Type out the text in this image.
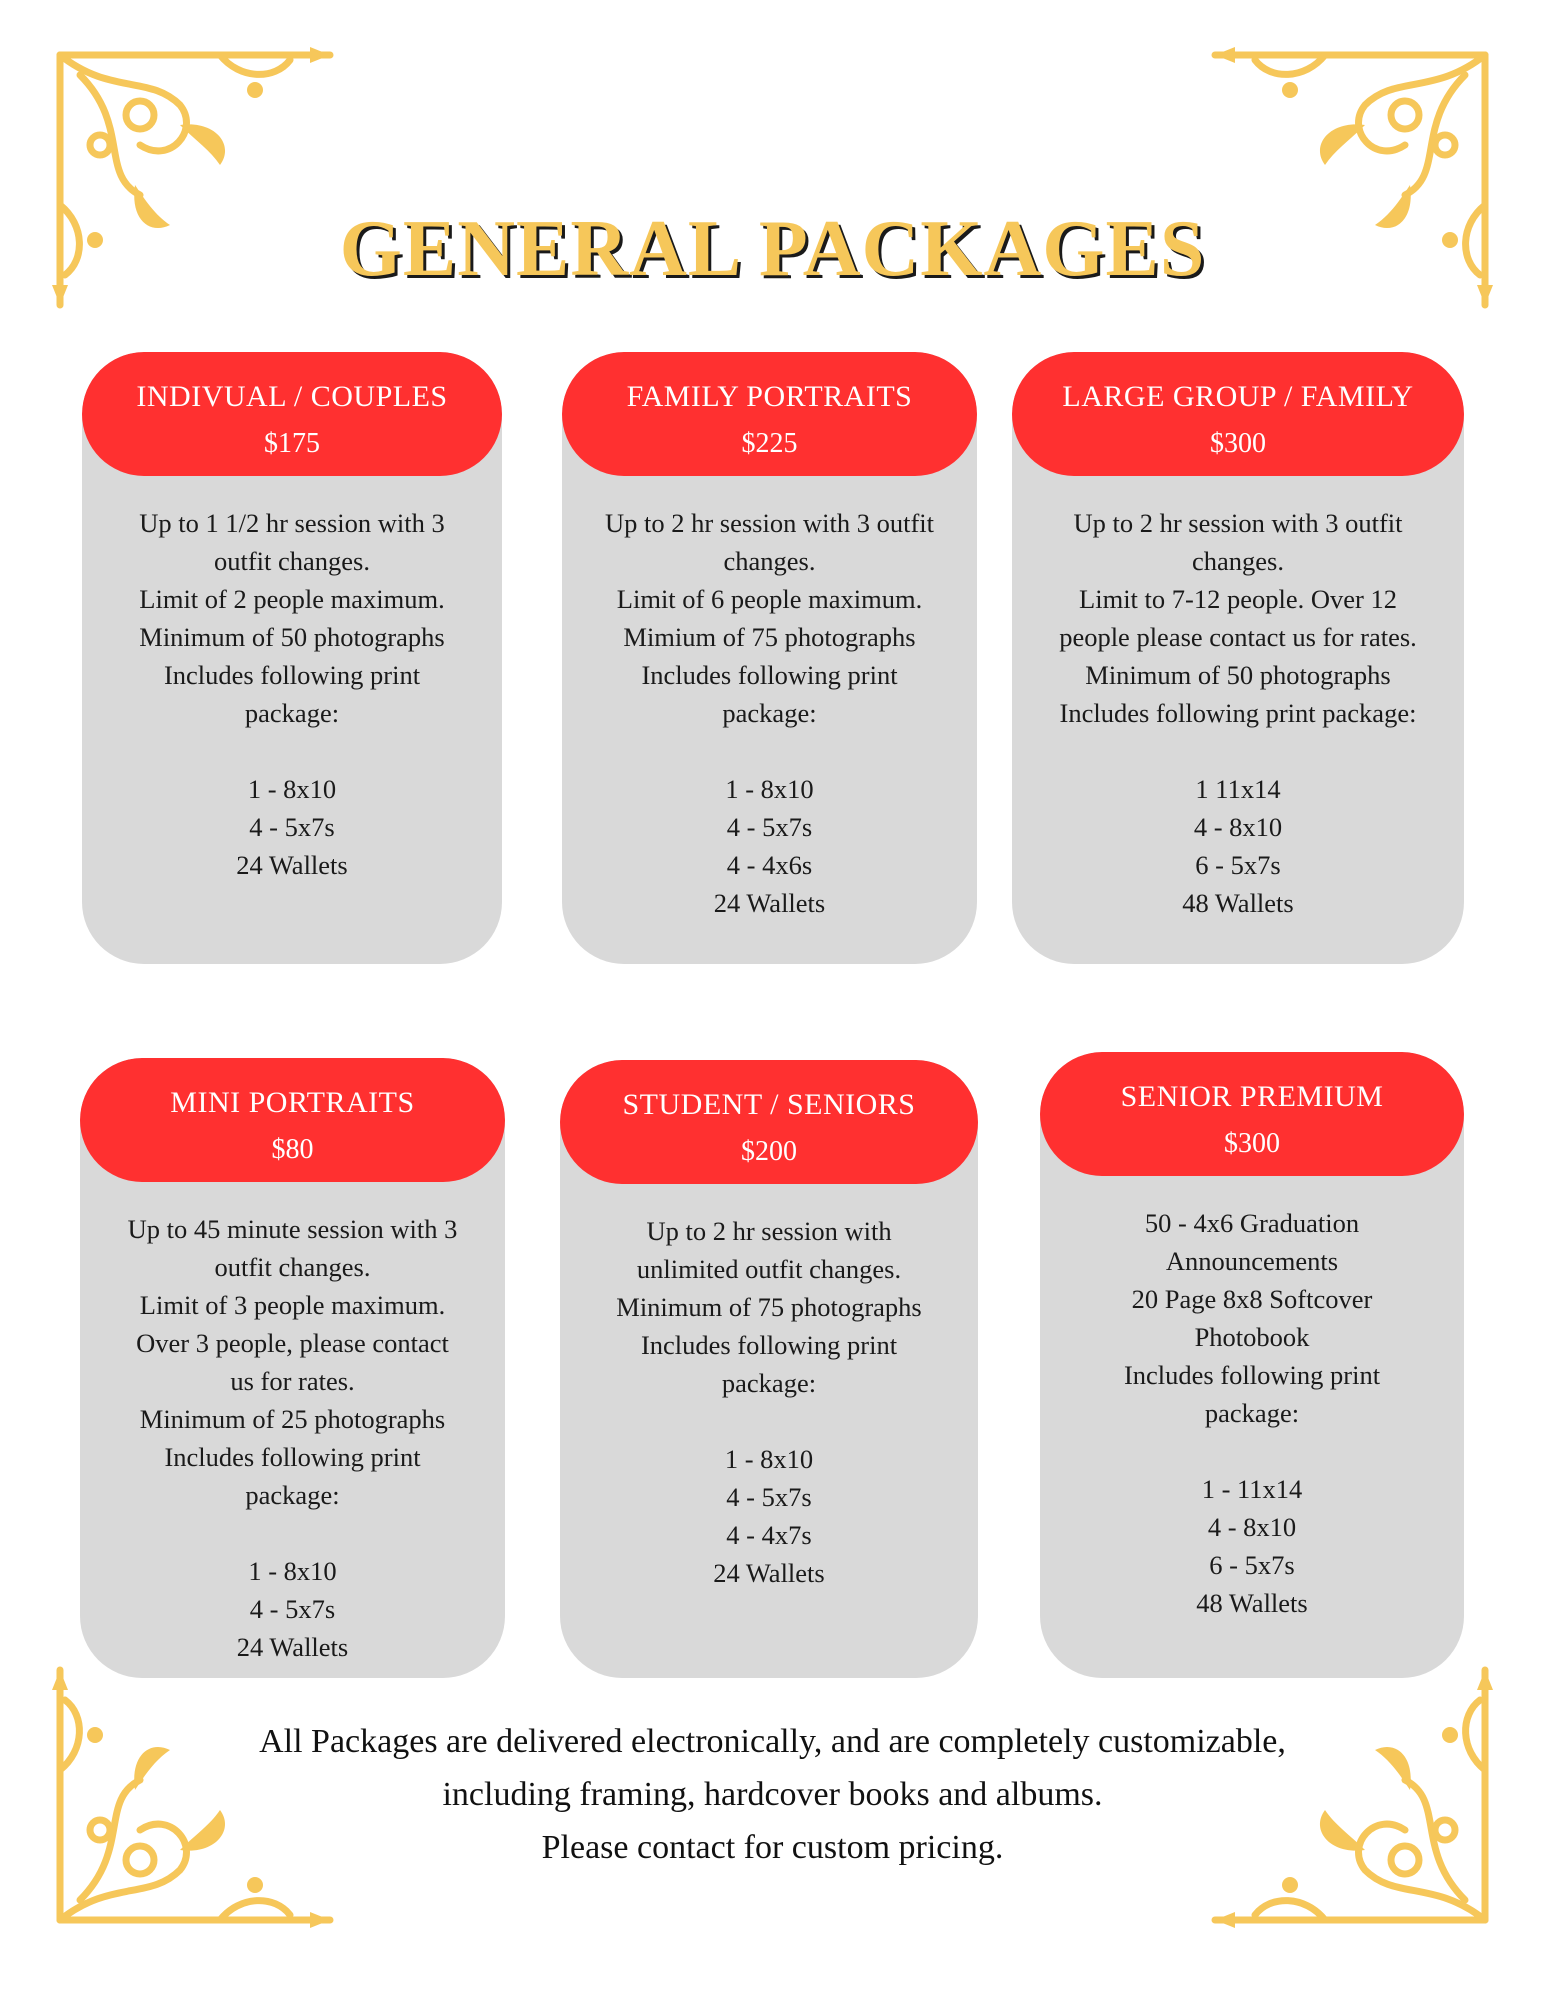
GENERAL PACKAGES
INDIVUAL / COUPLES
$175
Up to 1 1/2 hr session with 3
outfit changes.
Limit of 2 people maximum.
Minimum of 50 photographs
Includes following print
package:
1 - 8x10
4 - 5x7s
24 Wallets
FAMILY PORTRAITS
$225
Up to 2 hr session with 3 outfit
changes.
Limit of 6 people maximum.
Mimium of 75 photographs
Includes following print
package:
1 - 8x10
4 - 5x7s
4 - 4x6s
24 Wallets
LARGE GROUP / FAMILY
$300
Up to 2 hr session with 3 outfit
changes.
Limit to 7-12 people. Over 12
people please contact us for rates.
Minimum of 50 photographs
Includes following print package:
1 11x14
4 - 8x10
6 - 5x7s
48 Wallets
MINI PORTRAITS
$80
Up to 45 minute session with 3
outfit changes.
Limit of 3 people maximum.
Over 3 people, please contact
us for rates.
Minimum of 25 photographs
Includes following print
package:
1 - 8x10
4 - 5x7s
24 Wallets
STUDENT / SENIORS
$200
Up to 2 hr session with
unlimited outfit changes.
Minimum of 75 photographs
Includes following print
package:
1 - 8x10
4 - 5x7s
4 - 4x7s
24 Wallets
SENIOR PREMIUM
$300
50 - 4x6 Graduation
Announcements
20 Page 8x8 Softcover
Photobook
Includes following print
package:
1 - 11x14
4 - 8x10
6 - 5x7s
48 Wallets
All Packages are delivered electronically, and are completely customizable,
including framing, hardcover books and albums.
Please contact for custom pricing.
